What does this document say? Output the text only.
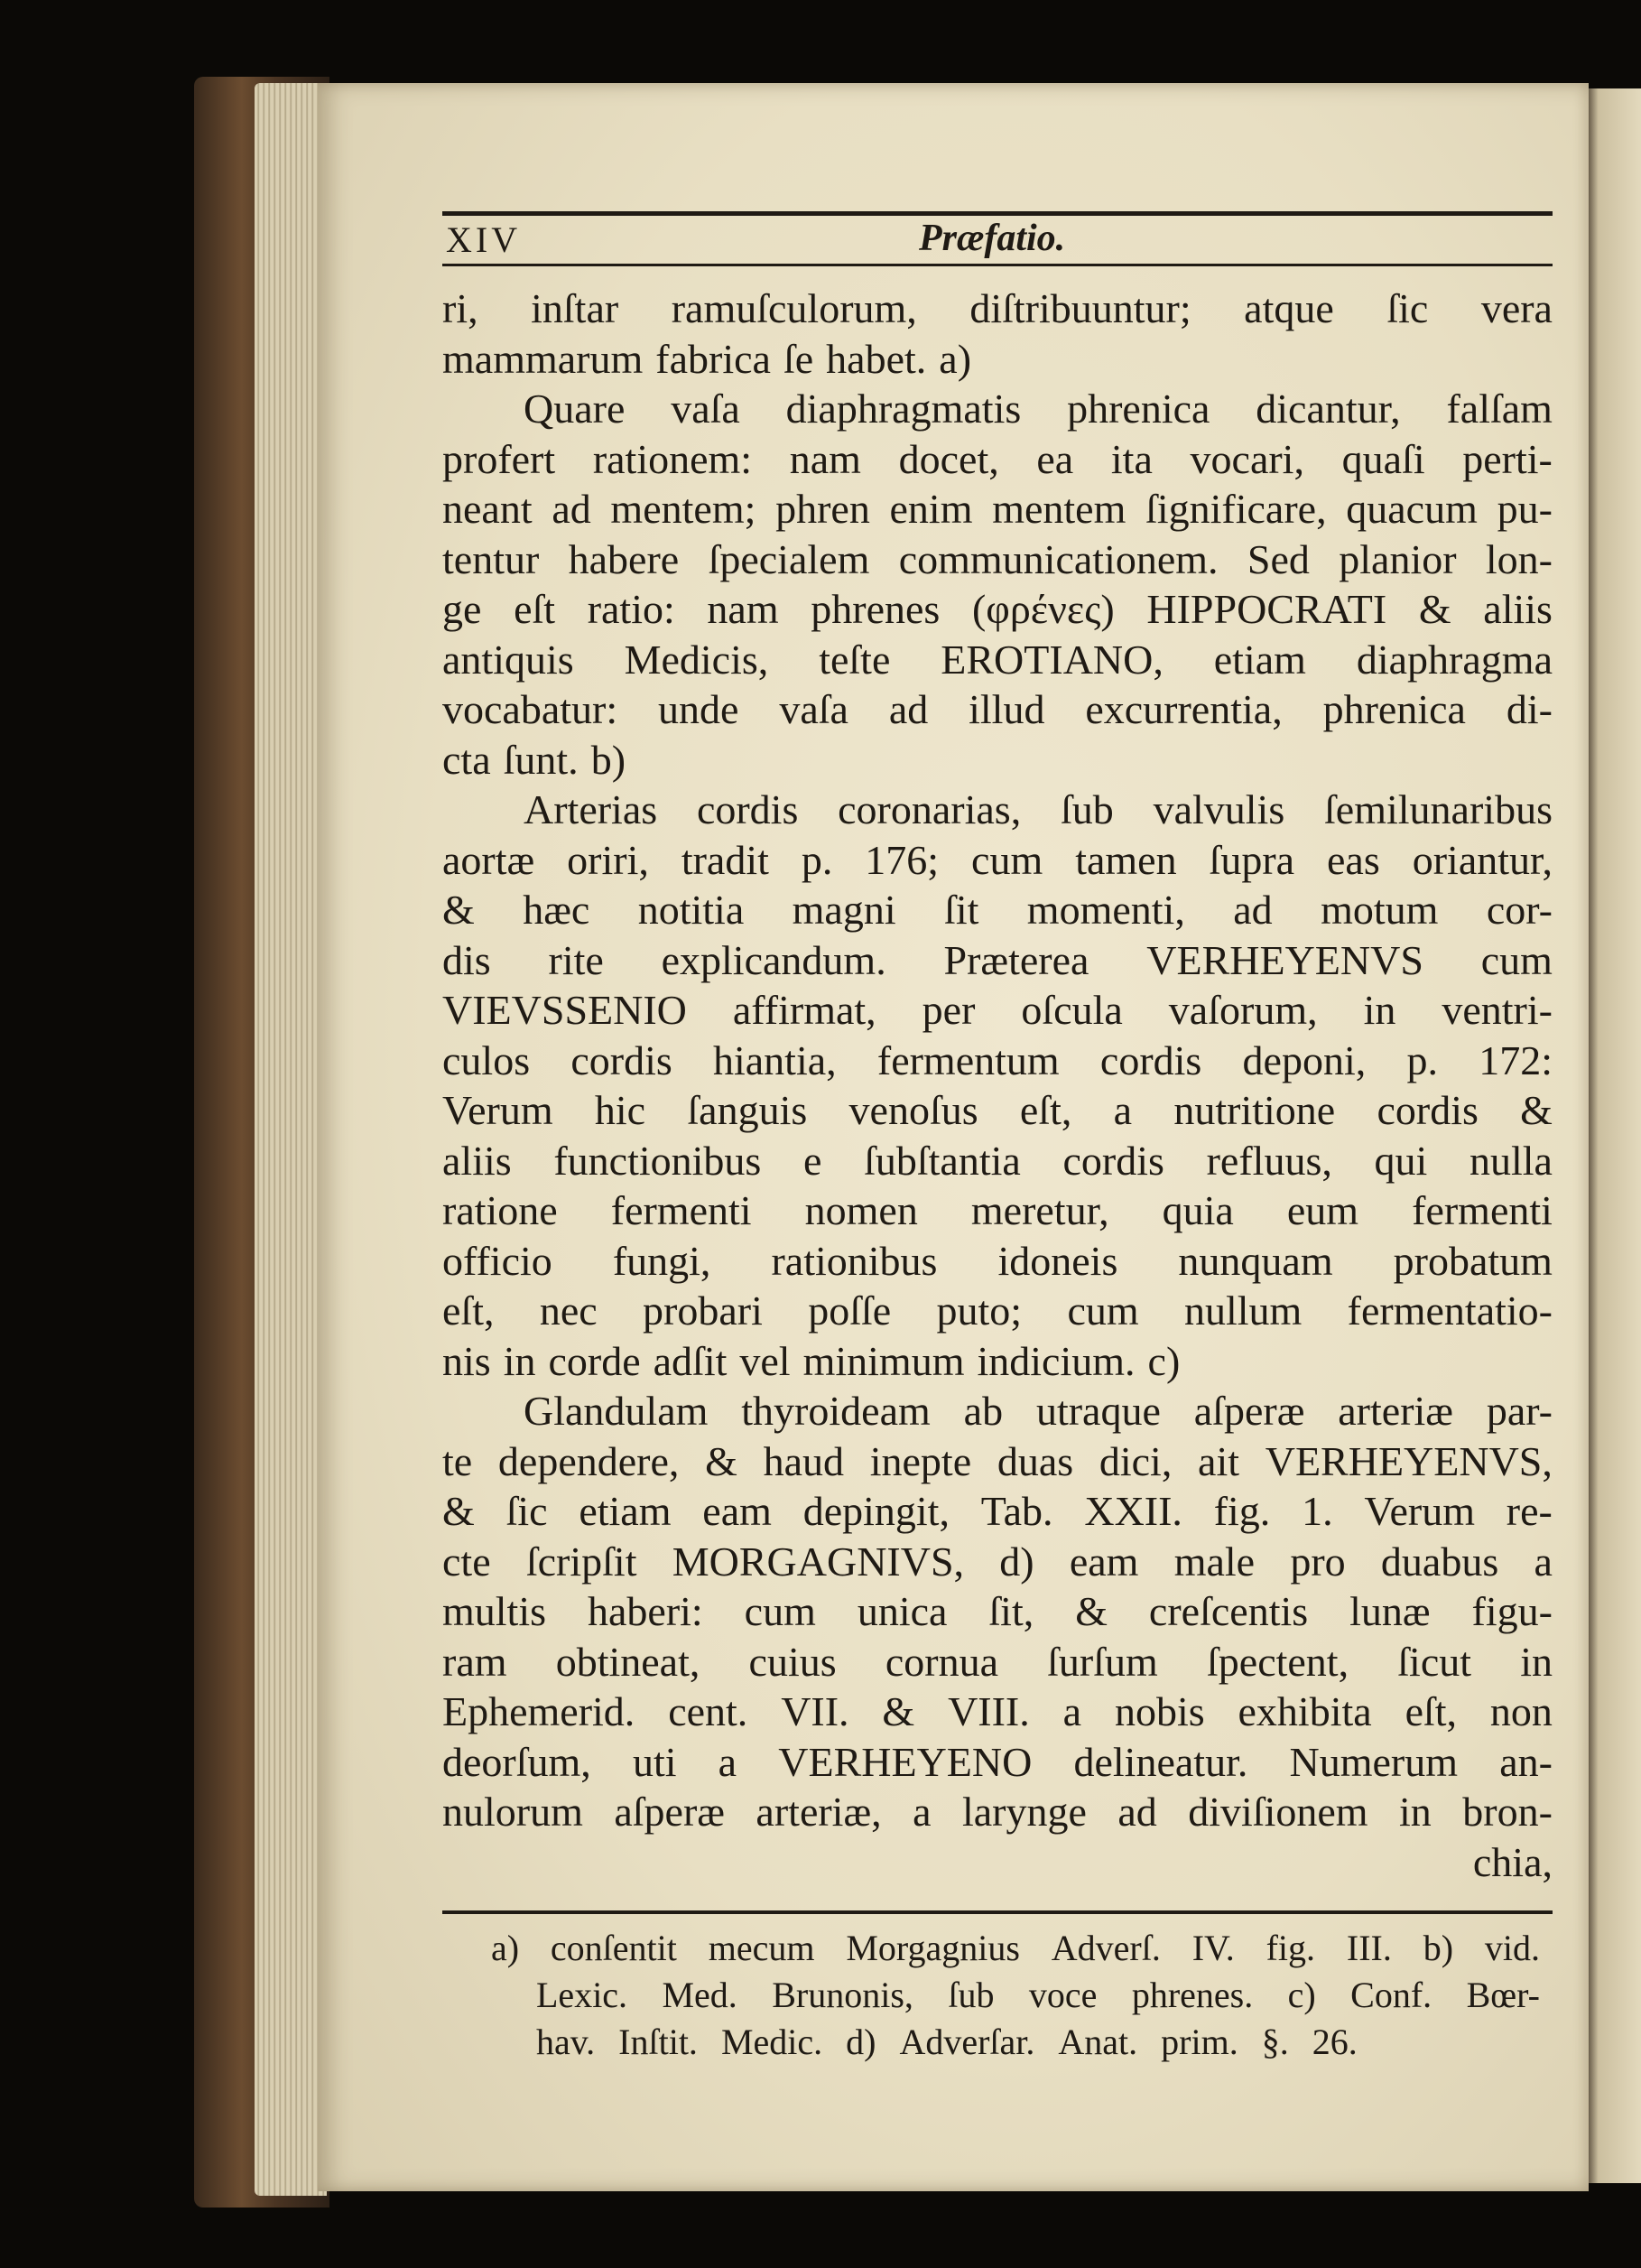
XIV	Præfatio.
ri, inſtar ramuſculorum, diſtribuuntur; atque ſic vera
mammarum fabrica ſe habet. a)
Quare vaſa diaphragmatis phrenica dicantur, falſam
profert rationem: nam docet, ea ita vocari, quaſi perti-
neant ad mentem; phren enim mentem ſignificare, quacum pu-
tentur habere ſpecialem communicationem. Sed planior lon-
ge eſt ratio: nam phrenes (φρένες) HIPPOCRATI & aliis
antiquis Medicis, teſte EROTIANO, etiam diaphragma
vocabatur: unde vaſa ad illud excurrentia, phrenica di-
cta ſunt. b)
Arterias cordis coronarias, ſub valvulis ſemilunaribus
aortæ oriri, tradit p. 176; cum tamen ſupra eas oriantur,
& hæc notitia magni ſit momenti, ad motum cor-
dis rite explicandum. Præterea VERHEYENVS cum
VIEVSSENIO affirmat, per oſcula vaſorum, in ventri-
culos cordis hiantia, fermentum cordis deponi, p. 172:
Verum hic ſanguis venoſus eſt, a nutritione cordis &
aliis functionibus e ſubſtantia cordis refluus, qui nulla
ratione fermenti nomen meretur, quia eum fermenti
officio fungi, rationibus idoneis nunquam probatum
eſt, nec probari poſſe puto; cum nullum fermentatio-
nis in corde adſit vel minimum indicium. c)
Glandulam thyroideam ab utraque aſperæ arteriæ par-
te dependere, & haud inepte duas dici, ait VERHEYENVS,
& ſic etiam eam depingit, Tab. XXII. fig. 1. Verum re-
cte ſcripſit MORGAGNIVS, d) eam male pro duabus a
multis haberi: cum unica ſit, & creſcentis lunæ figu-
ram obtineat, cuius cornua ſurſum ſpectent, ſicut in
Ephemerid. cent. VII. & VIII. a nobis exhibita eſt, non
deorſum, uti a VERHEYENO delineatur. Numerum an-
nulorum aſperæ arteriæ, a larynge ad diviſionem in bron-
chia,
a) conſentit mecum Morgagnius Adverſ. IV. fig. III. b) vid.
Lexic. Med. Brunonis, ſub voce phrenes. c) Conf. Bœr-
hav. Inſtit. Medic. d) Adverſar. Anat. prim. §. 26.
